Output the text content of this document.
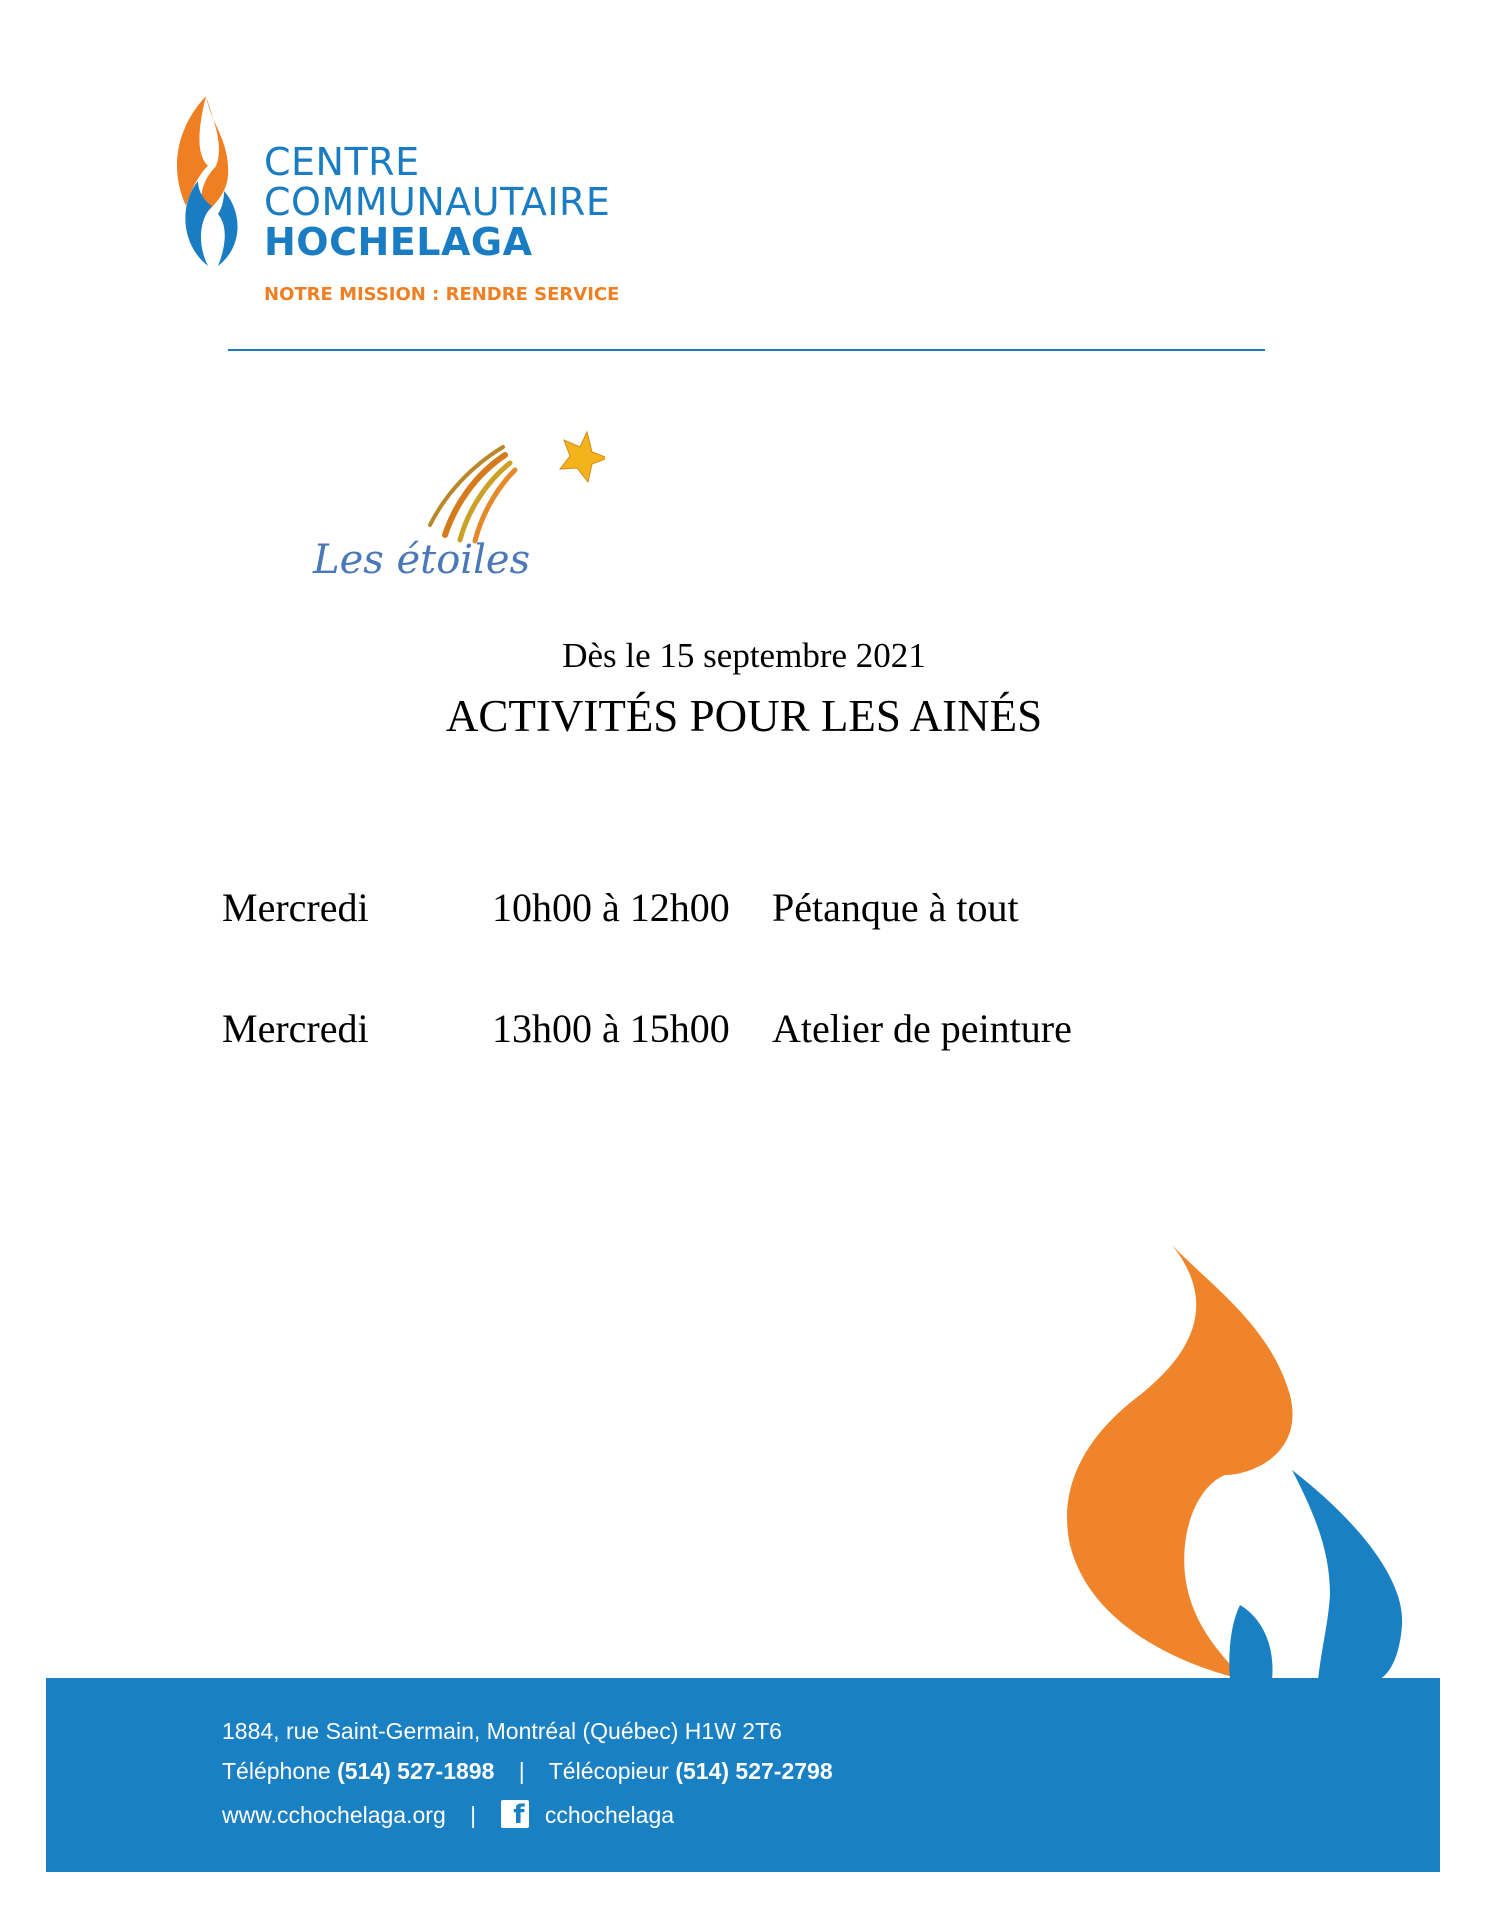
CENTRE
COMMUNAUTAIRE
HOCHELAGA
NOTRE MISSION : RENDRE SERVICE
Les étoiles
Dès le 15 septembre 2021
ACTIVITÉS POUR LES AINÉS
Mercredi	10h00 à 12h00 Pétanque à tout
Mercredi	13h00 à 15h00 Atelier de peinture
1884, rue Saint-Germain, Montréal (Québec) H1W 2T6
Téléphone (514) 527-1898 | Télécopieur (514) 527-2798
www.cchochelaga.org | f	cchochelaga
